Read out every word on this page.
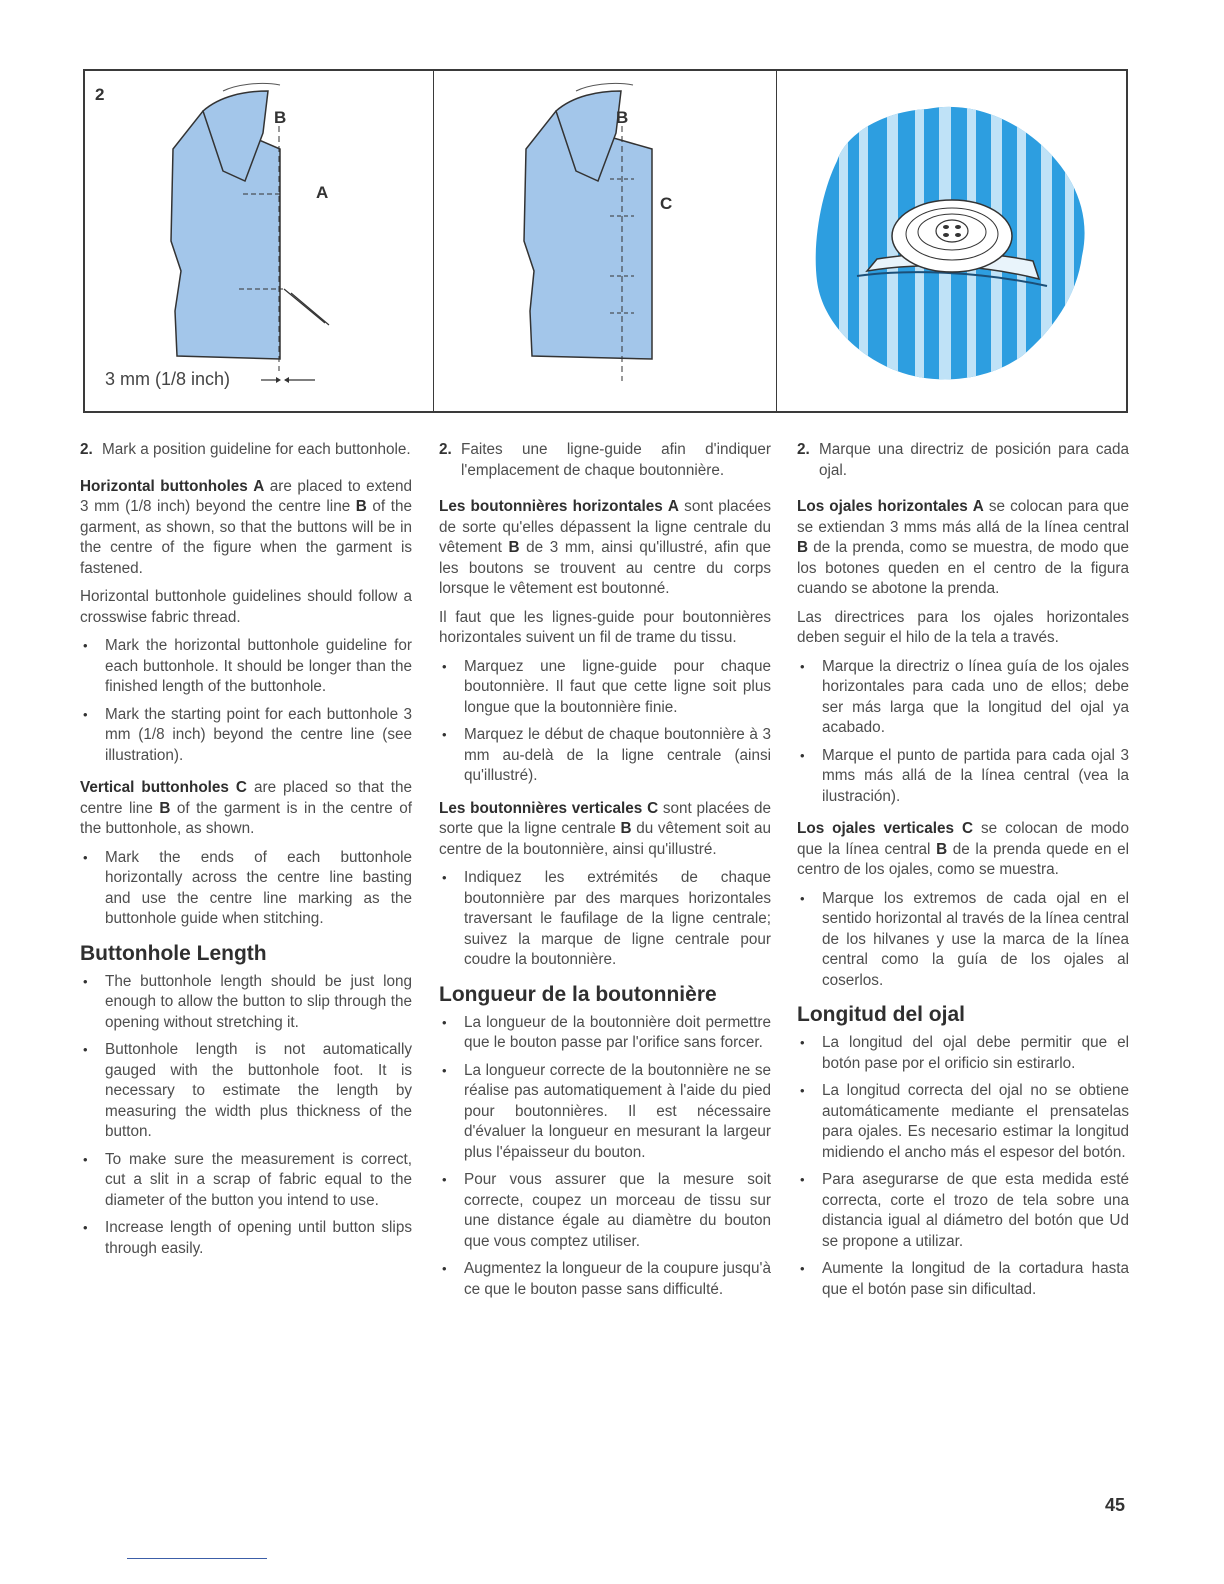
2
B
A
3 mm (1/8 inch)
B
C

2. Mark a position guideline for each buttonhole.

Horizontal buttonholes A are placed to extend 3 mm (1/8 inch) beyond the centre line B of the garment, as shown, so that the buttons will be in the centre of the figure when the garment is fastened.

Horizontal buttonhole guidelines should follow a crosswise fabric thread.

• Mark the horizontal buttonhole guideline for each buttonhole. It should be longer than the finished length of the buttonhole.
• Mark the starting point for each buttonhole 3 mm (1/8 inch) beyond the centre line (see illustration).

Vertical buttonholes C are placed so that the centre line B of the garment is in the centre of the buttonhole, as shown.

• Mark the ends of each buttonhole horizontally across the centre line basting and use the centre line marking as the buttonhole guide when stitching.
Buttonhole Length
• The buttonhole length should be just long enough to allow the button to slip through the opening without stretching it.
• Buttonhole length is not automatically gauged with the buttonhole foot. It is necessary to estimate the length by measuring the width plus thickness of the button.
• To make sure the measurement is correct, cut a slit in a scrap of fabric equal to the diameter of the button you intend to use.
• Increase length of opening until button slips through easily.

2. Faites une ligne-guide afin d'indiquer l'emplacement de chaque boutonnière.

Les boutonnières horizontales A sont placées de sorte qu'elles dépassent la ligne centrale du vêtement B de 3 mm, ainsi qu'illustré, afin que les boutons se trouvent au centre du corps lorsque le vêtement est boutonné.

Il faut que les lignes-guide pour boutonnières horizontales suivent un fil de trame du tissu.

• Marquez une ligne-guide pour chaque boutonnière. Il faut que cette ligne soit plus longue que la boutonnière finie.
• Marquez le début de chaque boutonnière à 3 mm au-delà de la ligne centrale (ainsi qu'illustré).

Les boutonnières verticales C sont placées de sorte que la ligne centrale B du vêtement soit au centre de la boutonnière, ainsi qu'illustré.

• Indiquez les extrémités de chaque boutonnière par des marques horizontales traversant le faufilage de la ligne centrale; suivez la marque de ligne centrale pour coudre la boutonnière.
Longueur de la boutonnière
• La longueur de la boutonnière doit permettre que le bouton passe par l'orifice sans forcer.
• La longueur correcte de la boutonnière ne se réalise pas automatiquement à l'aide du pied pour boutonnières. Il est nécessaire d'évaluer la longueur en mesurant la largeur plus l'épaisseur du bouton.
• Pour vous assurer que la mesure soit correcte, coupez un morceau de tissu sur une distance égale au diamètre du bouton que vous comptez utiliser.
• Augmentez la longueur de la coupure jusqu'à ce que le bouton passe sans difficulté.

2. Marque una directriz de posición para cada ojal.

Los ojales horizontales A se colocan para que se extiendan 3 mms más allá de la línea central B de la prenda, como se muestra, de modo que los botones queden en el centro de la figura cuando se abotone la prenda.

Las directrices para los ojales horizontales deben seguir el hilo de la tela a través.

• Marque la directriz o línea guía de los ojales horizontales para cada uno de ellos; debe ser más larga que la longitud del ojal ya acabado.
• Marque el punto de partida para cada ojal 3 mms más allá de la línea central (vea la ilustración).

Los ojales verticales C se colocan de modo que la línea central B de la prenda quede en el centro de los ojales, como se muestra.

• Marque los extremos de cada ojal en el sentido horizontal al través de la línea central de los hilvanes y use la marca de la línea central como la guía de los ojales al coserlos.
Longitud del ojal
• La longitud del ojal debe permitir que el botón pase por el orificio sin estirarlo.
• La longitud correcta del ojal no se obtiene automáticamente mediante el prensatelas para ojales. Es necesario estimar la longitud midiendo el ancho más el espesor del botón.
• Para asegurarse de que esta medida esté correcta, corte el trozo de tela sobre una distancia igual al diámetro del botón que Ud se propone a utilizar.
• Aumente la longitud de la cortadura hasta que el botón pase sin dificultad.
45
